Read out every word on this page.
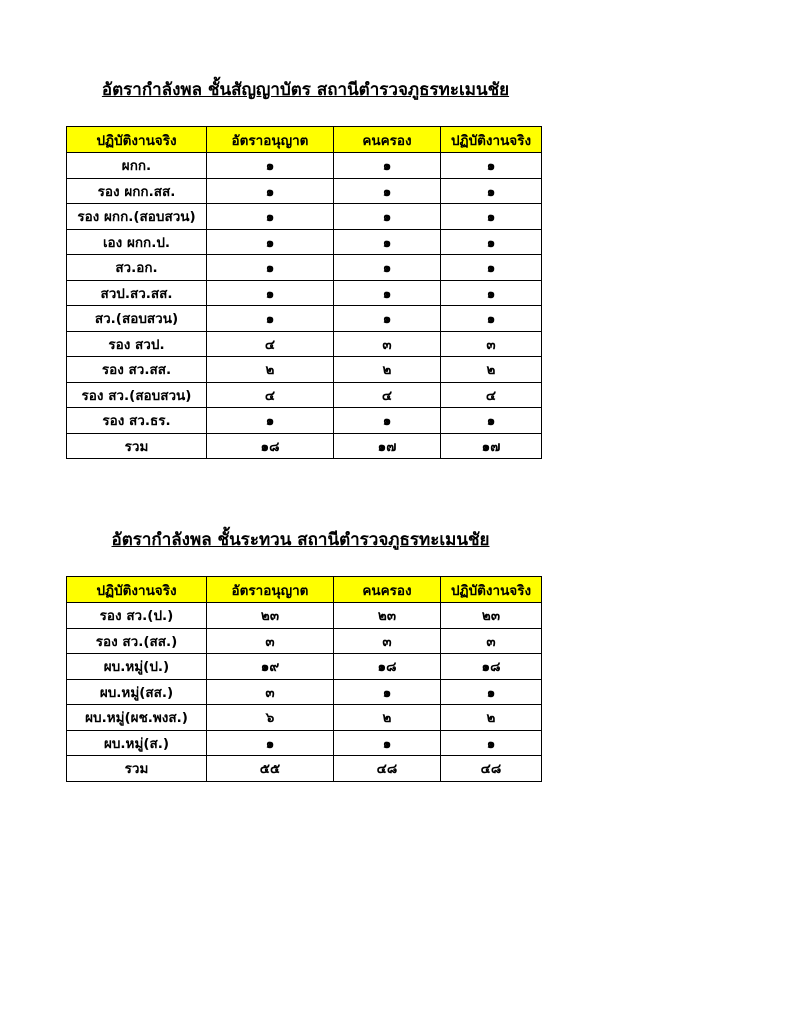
อัตรากำลังพล ชั้นสัญญาบัตร สถานีตำรวจภูธรทะเมนชัย
ปฏิบัติงานจริง	อัตราอนุญาต	คนครอง	ปฏิบัติงานจริง
ผกก.	๑	๑	๑
รอง ผกก.สส.	๑	๑	๑
รอง ผกก.(สอบสวน)	๑	๑	๑
เอง ผกก.ป.	๑	๑	๑
สว.อก.	๑	๑	๑
สวป.สว.สส.	๑	๑	๑
สว.(สอบสวน)	๑	๑	๑
รอง สวป.	๔	๓	๓
รอง สว.สส.	๒	๒	๒
รอง สว.(สอบสวน)	๔	๔	๔
รอง สว.ธร.	๑	๑	๑
รวม	๑๘	๑๗	๑๗
อัตรากำลังพล ชั้นระทวน สถานีตำรวจภูธรทะเมนชัย
ปฏิบัติงานจริง	อัตราอนุญาต	คนครอง	ปฏิบัติงานจริง
รอง สว.(ป.)	๒๓	๒๓	๒๓
รอง สว.(สส.)	๓	๓	๓
ผบ.หมู่(ป.)	๑๙	๑๘	๑๘
ผบ.หมู่(สส.)	๓	๑	๑
ผบ.หมู่(ผช.พงส.)	๖	๒	๒
ผบ.หมู่(ส.)	๑	๑	๑
รวม	๕๕	๔๘	๔๘
